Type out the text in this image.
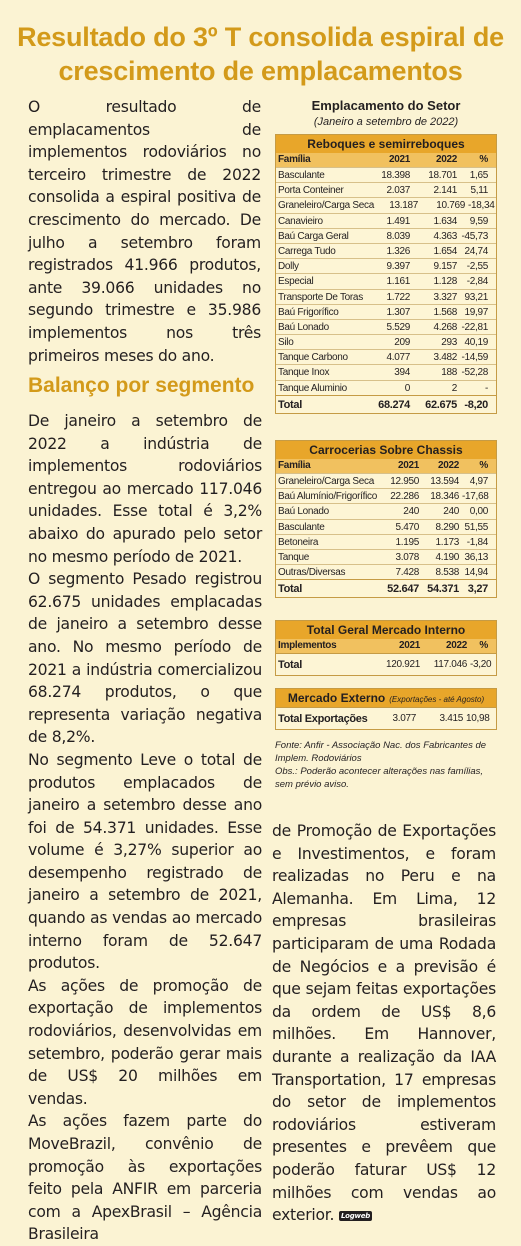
Resultado do 3º T consolida espiral de crescimento de emplacamentos

O resultado de emplacamentos de implementos rodoviários no terceiro trimestre de 2022 consolida a espiral positiva de crescimento do mercado. De julho a setembro foram registrados 41.966 produtos, ante 39.066 unidades no segundo trimestre e 35.986 implementos nos três primeiros meses do ano.

Balanço por segmento

De janeiro a setembro de 2022 a indústria de implementos rodoviários entregou ao mercado 117.046 unidades. Esse total é 3,2% abaixo do apurado pelo setor no mesmo período de 2021.

O segmento Pesado registrou 62.675 unidades emplacadas de janeiro a setembro desse ano. No mesmo período de 2021 a indústria comercializou 68.274 produtos, o que representa variação negativa de 8,2%.

No segmento Leve o total de produtos emplacados de janeiro a setembro desse ano foi de 54.371 unidades. Esse volume é 3,27% superior ao desempenho registrado de janeiro a setembro de 2021, quando as vendas ao mercado interno foram de 52.647 produtos.

As ações de promoção de exportação de implementos rodoviários, desenvolvidas em setembro, poderão gerar mais de US$ 20 milhões em vendas.

As ações fazem parte do MoveBrazil, convênio de promoção às exportações feito pela ANFIR em parceria com a ApexBrasil – Agência Brasileira

de Promoção de Exportações e Investimentos, e foram realizadas no Peru e na Alemanha. Em Lima, 12 empresas brasileiras participaram de uma Rodada de Negócios e a previsão é que sejam feitas exportações da ordem de US$ 8,6 milhões. Em Hannover, durante a realização da IAA Transportation, 17 empresas do setor de implementos rodoviários estiveram presentes e prevêem que poderão faturar US$ 12 milhões com vendas ao exterior. Logweb

Emplacamento do Setor
(Janeiro a setembro de 2022)
Reboques e semirreboques
Família	2021	2022	%
Basculante	18.398	18.701	1,65
Porta Conteiner	2.037	2.141	5,11
Graneleiro/Carga Seca	13.187	10.769 -18,34
Canavieiro	1.491	1.634	9,59
Baú Carga Geral	8.039	4.363 -45,73
Carrega Tudo	1.326	1.654 24,74
Dolly	9.397	9.157 -2,55
Especial	1.161	1.128 -2,84
Transporte De Toras	1.722	3.327 93,21
Baú Frigorífico	1.307	1.568 19,97
Baú Lonado	5.529	4.268 -22,81
Silo	209	293 40,19
Tanque Carbono	4.077	3.482 -14,59
Tanque Inox	394	188 -52,28
Tanque Aluminio	0	2	-
Total	68.274	62.675 -8,20
Carrocerias Sobre Chassis
Família	2021	2022	%
Graneleiro/Carga Seca	12.950	13.594	4,97
Baú Alumínio/Frigorífico	22.286	18.346 -17,68
Baú Lonado	240	240	0,00
Basculante	5.470	8.290 51,55
Betoneira	1.195	1.173 -1,84
Tanque	3.078	4.190 36,13
Outras/Diversas	7.428	8.538 14,94
Total	52.647 54.371 3,27
Total Geral Mercado Interno
Implementos	2021	2022	%
Total	120.921	117.046 -3,20
Mercado Externo (Exportações - até Agosto)
Total Exportações	3.077	3.415 10,98
Fonte: Anfir - Associação Nac. dos Fabricantes de Implem. Rodoviários
Obs.: Poderão acontecer alterações nas famílias, sem prévio aviso.
